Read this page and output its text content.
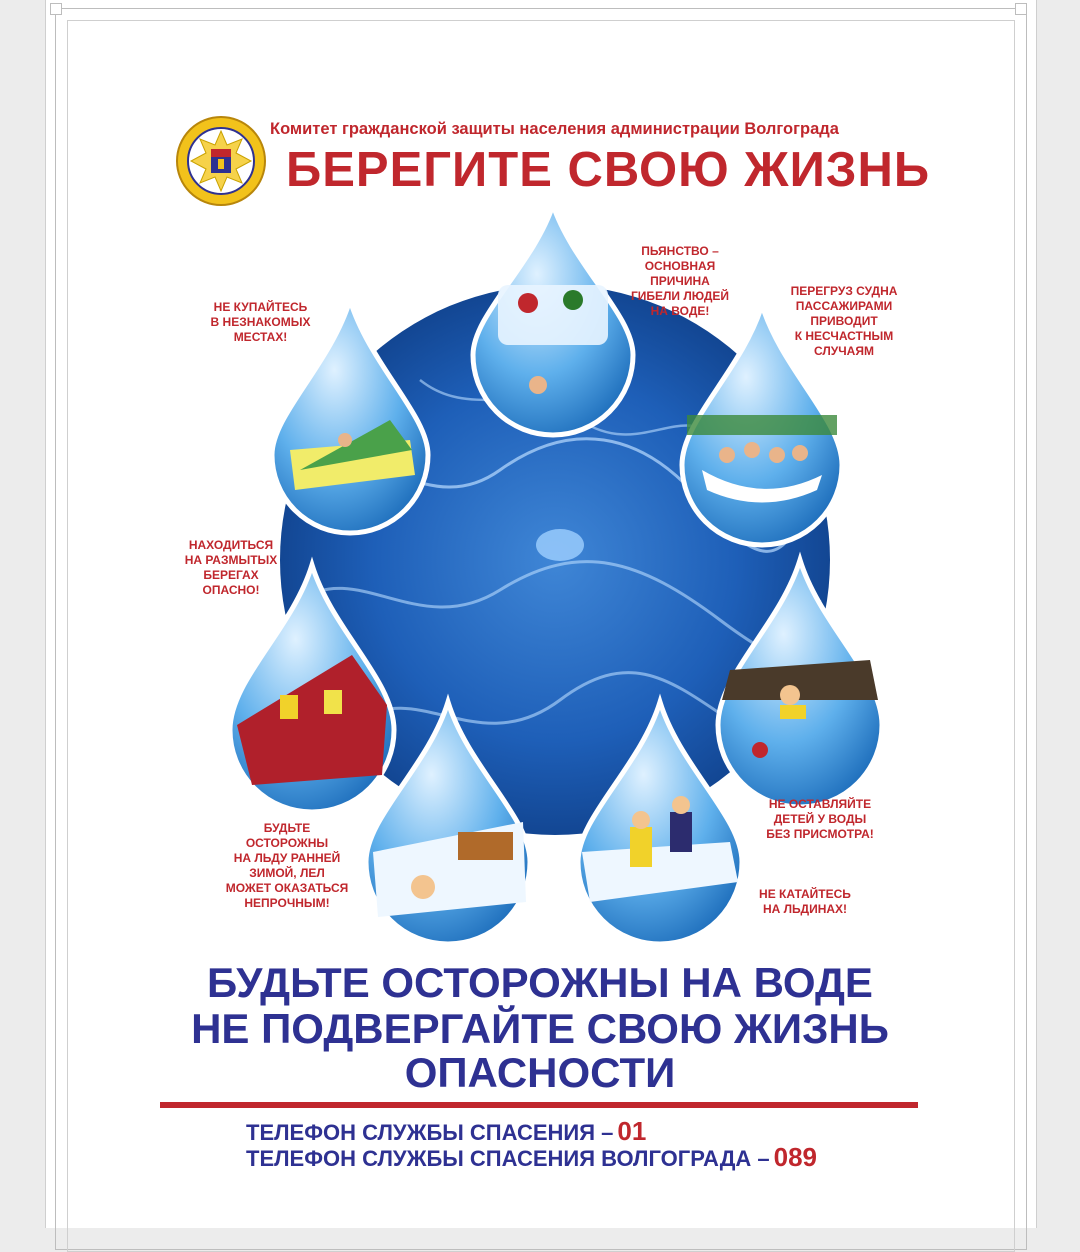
Комитет гражданской защиты населения администрации Волгограда
БЕРЕГИТЕ СВОЮ ЖИЗНЬ
НЕ КУПАЙТЕСЬ
В НЕЗНАКОМЫХ
МЕСТАХ!
ПЬЯНСТВО –
ОСНОВНАЯ
ПРИЧИНА
ГИБЕЛИ ЛЮДЕЙ
НА ВОДЕ!
ПЕРЕГРУЗ СУДНА
ПАССАЖИРАМИ
ПРИВОДИТ
К НЕСЧАСТНЫМ
СЛУЧАЯМ
НАХОДИТЬСЯ
НА РАЗМЫТЫХ
БЕРЕГАХ
ОПАСНО!
НЕ ОСТАВЛЯЙТЕ
ДЕТЕЙ У ВОДЫ
БЕЗ ПРИСМОТРА!
БУДЬТЕ
ОСТОРОЖНЫ
НА ЛЬДУ РАННЕЙ
ЗИМОЙ, ЛЕЛ
МОЖЕТ ОКАЗАТЬСЯ
НЕПРОЧНЫМ!
НЕ КАТАЙТЕСЬ
НА ЛЬДИНАХ!
БУДЬТЕ ОСТОРОЖНЫ НА ВОДЕ
НЕ ПОДВЕРГАЙТЕ СВОЮ ЖИЗНЬ
ОПАСНОСТИ
ТЕЛЕФОН СЛУЖБЫ СПАСЕНИЯ – 01
ТЕЛЕФОН СЛУЖБЫ СПАСЕНИЯ ВОЛГОГРАДА – 089
